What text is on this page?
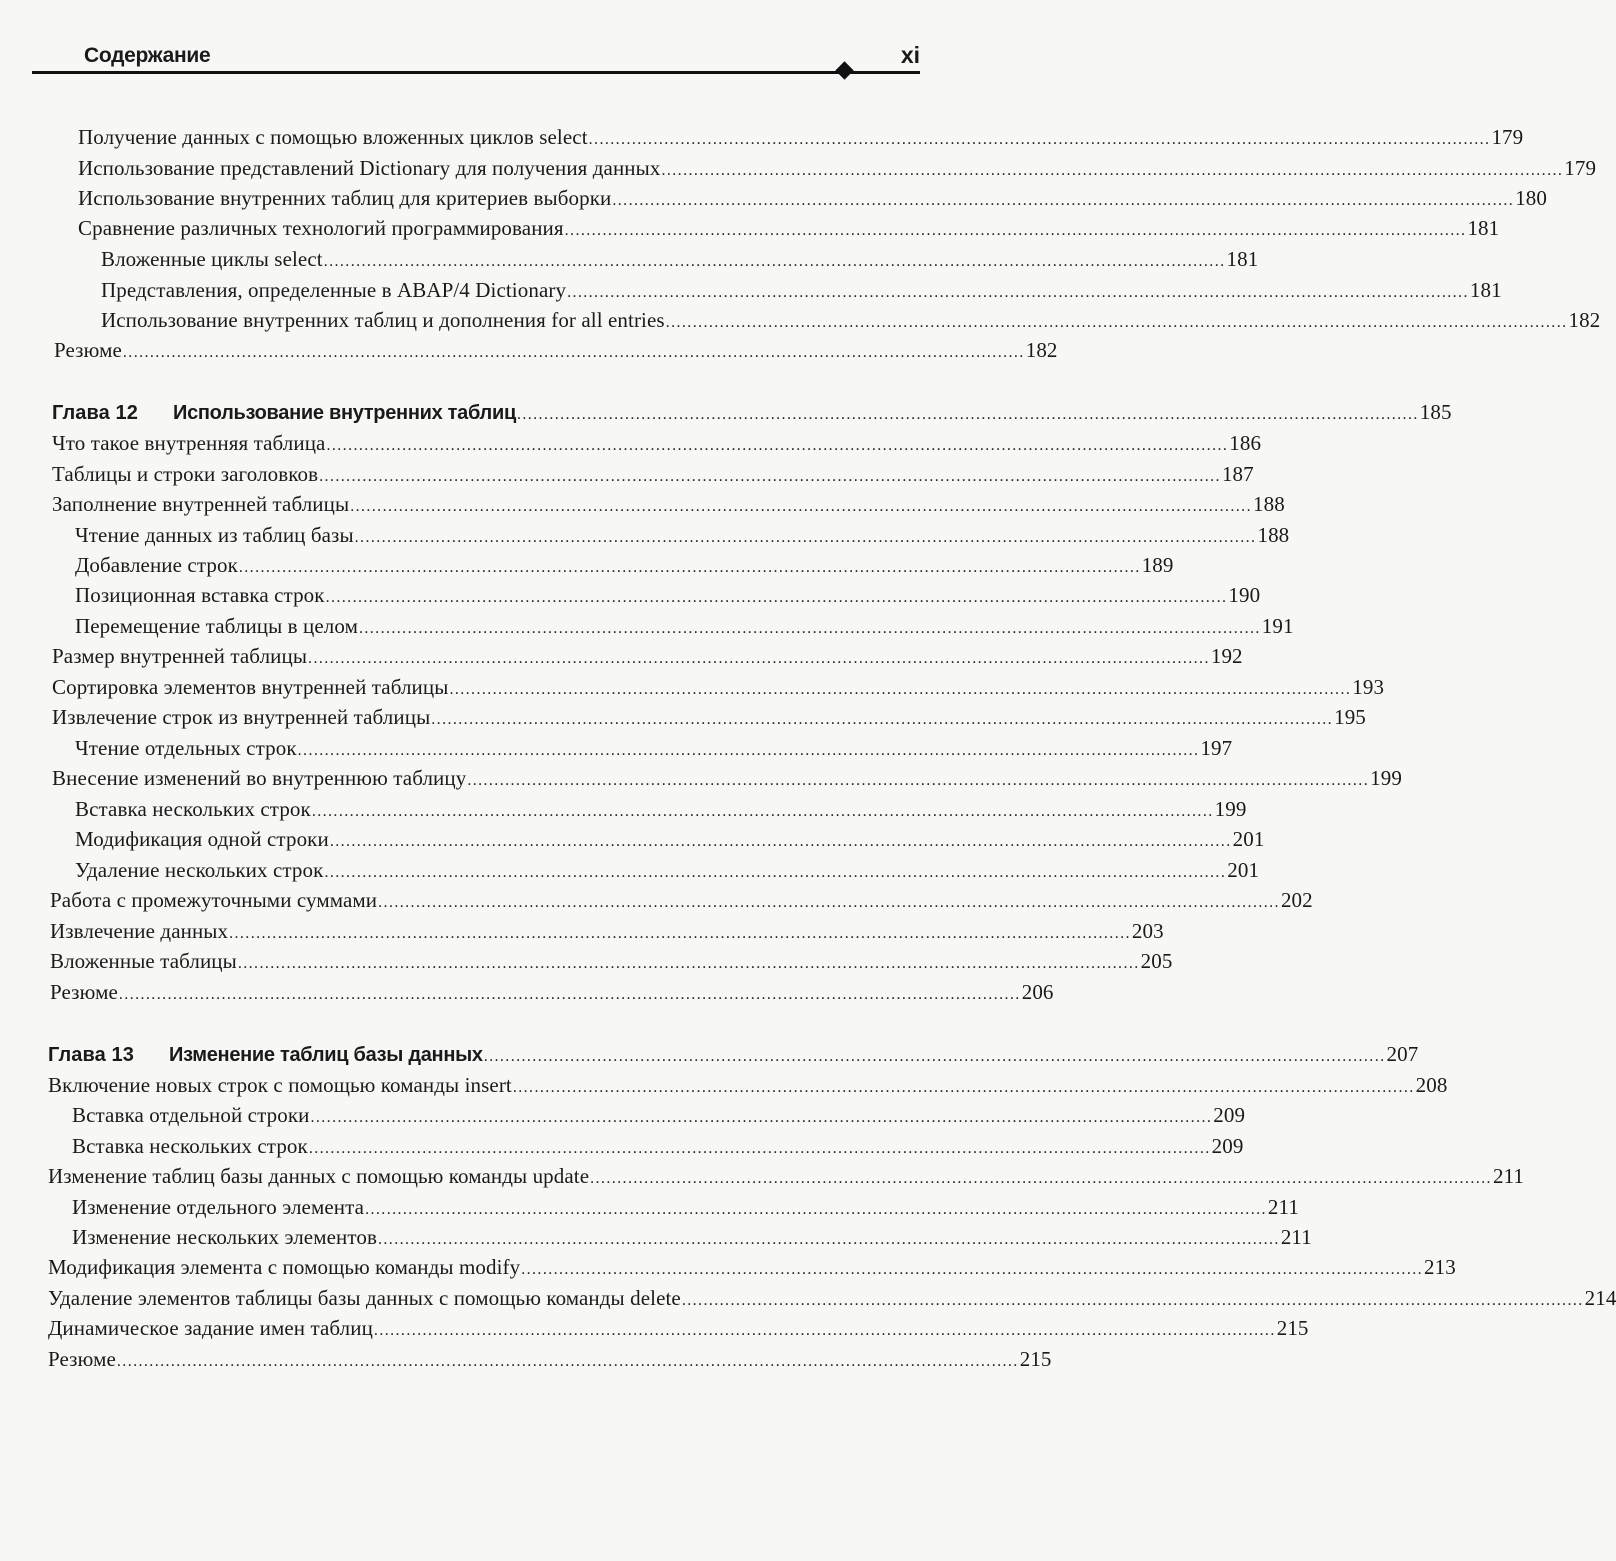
Содержание	xi
Получение данных с помощью вложенных циклов select ....................................................................................................................................................................... 179
Использование представлений Dictionary для получения данных ....................................................................................................................................................................... 179
Использование внутренних таблиц для критериев выборки ....................................................................................................................................................................... 180
Сравнение различных технологий программирования ....................................................................................................................................................................... 181
Вложенные циклы select ....................................................................................................................................................................... 181
Представления, определенные в ABAP/4 Dictionary ....................................................................................................................................................................... 181
Использование внутренних таблиц и дополнения for all entries ....................................................................................................................................................................... 182
Резюме ....................................................................................................................................................................... 182
Глава 12	Использование внутренних таблиц ....................................................................................................................................................................... 185
Что такое внутренняя таблица ....................................................................................................................................................................... 186
Таблицы и строки заголовков ....................................................................................................................................................................... 187
Заполнение внутренней таблицы ....................................................................................................................................................................... 188
Чтение данных из таблиц базы ....................................................................................................................................................................... 188
Добавление строк ....................................................................................................................................................................... 189
Позиционная вставка строк ....................................................................................................................................................................... 190
Перемещение таблицы в целом ....................................................................................................................................................................... 191
Размер внутренней таблицы ....................................................................................................................................................................... 192
Сортировка элементов внутренней таблицы ....................................................................................................................................................................... 193
Извлечение строк из внутренней таблицы ....................................................................................................................................................................... 195
Чтение отдельных строк ....................................................................................................................................................................... 197
Внесение изменений во внутреннюю таблицу ....................................................................................................................................................................... 199
Вставка нескольких строк ....................................................................................................................................................................... 199
Модификация одной строки ....................................................................................................................................................................... 201
Удаление нескольких строк ....................................................................................................................................................................... 201
Работа с промежуточными суммами ....................................................................................................................................................................... 202
Извлечение данных ....................................................................................................................................................................... 203
Вложенные таблицы ....................................................................................................................................................................... 205
Резюме ....................................................................................................................................................................... 206
Глава 13	Изменение таблиц базы данных ....................................................................................................................................................................... 207
Включение новых строк с помощью команды insert ....................................................................................................................................................................... 208
Вставка отдельной строки ....................................................................................................................................................................... 209
Вставка нескольких строк ....................................................................................................................................................................... 209
Изменение таблиц базы данных с помощью команды update ....................................................................................................................................................................... 211
Изменение отдельного элемента ....................................................................................................................................................................... 211
Изменение нескольких элементов ....................................................................................................................................................................... 211
Модификация элемента с помощью команды modify ....................................................................................................................................................................... 213
Удаление элементов таблицы базы данных с помощью команды delete ....................................................................................................................................................................... 214
Динамическое задание имен таблиц ....................................................................................................................................................................... 215
Резюме ....................................................................................................................................................................... 215
